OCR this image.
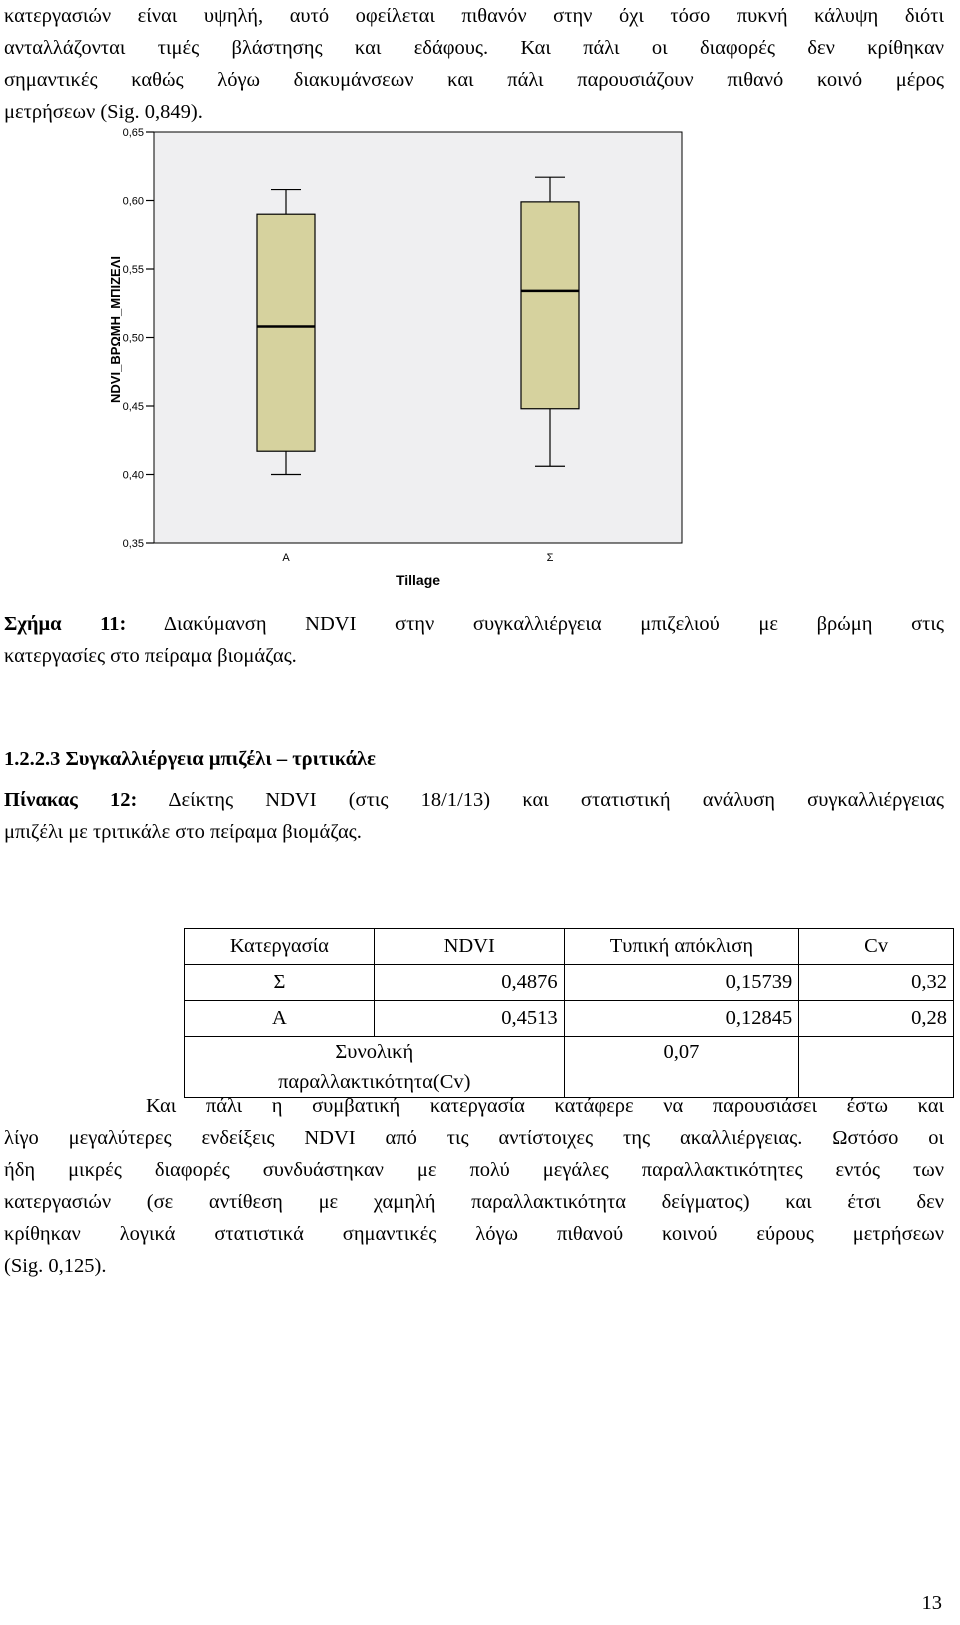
κατεργασιών είναι υψηλή, αυτό οφείλεται πιθανόν στην όχι τόσο πυκνή κάλυψη διότι
ανταλλάζονται τιμές βλάστησης και εδάφους. Και πάλι οι διαφορές δεν κρίθηκαν
σημαντικές καθώς λόγω διακυμάνσεων και πάλι παρουσιάζουν πιθανό κοινό μέρος
μετρήσεων (Sig. 0,849).
0,35
0,40
0,45
0,50
0,55
0,60
0,65
Α	Σ
Tillage
NDVI_ΒΡΩΜΗ_ΜΠΙΖΕΛΙ
Σχήμα 11: Διακύμανση NDVI στην συγκαλλιέργεια μπιζελιού με βρώμη στις
κατεργασίες στο πείραμα βιομάζας.
1.2.2.3 Συγκαλλιέργεια μπιζέλι – τριτικάλε
Πίνακας 12: Δείκτης NDVI (στις 18/1/13) και στατιστική ανάλυση συγκαλλιέργειας
μπιζέλι με τριτικάλε στο πείραμα βιομάζας.
Κατεργασία	NDVI	Τυπική απόκλιση	Cv
Σ	0,4876	0,15739	0,32
Α	0,4513	0,12845	0,28

Συνολική
παραλλακτικότητα(Cv)		0,07	
Και πάλι η συμβατική κατεργασία κατάφερε να παρουσιάσει έστω και
λίγο μεγαλύτερες ενδείξεις NDVI από τις αντίστοιχες της ακαλλιέργειας. Ωστόσο οι
ήδη μικρές διαφορές συνδυάστηκαν με πολύ μεγάλες παραλλακτικότητες εντός των
κατεργασιών (σε αντίθεση με χαμηλή παραλλακτικότητα δείγματος) και έτσι δεν
κρίθηκαν λογικά στατιστικά σημαντικές λόγω πιθανού κοινού εύρους μετρήσεων
(Sig. 0,125).
13
